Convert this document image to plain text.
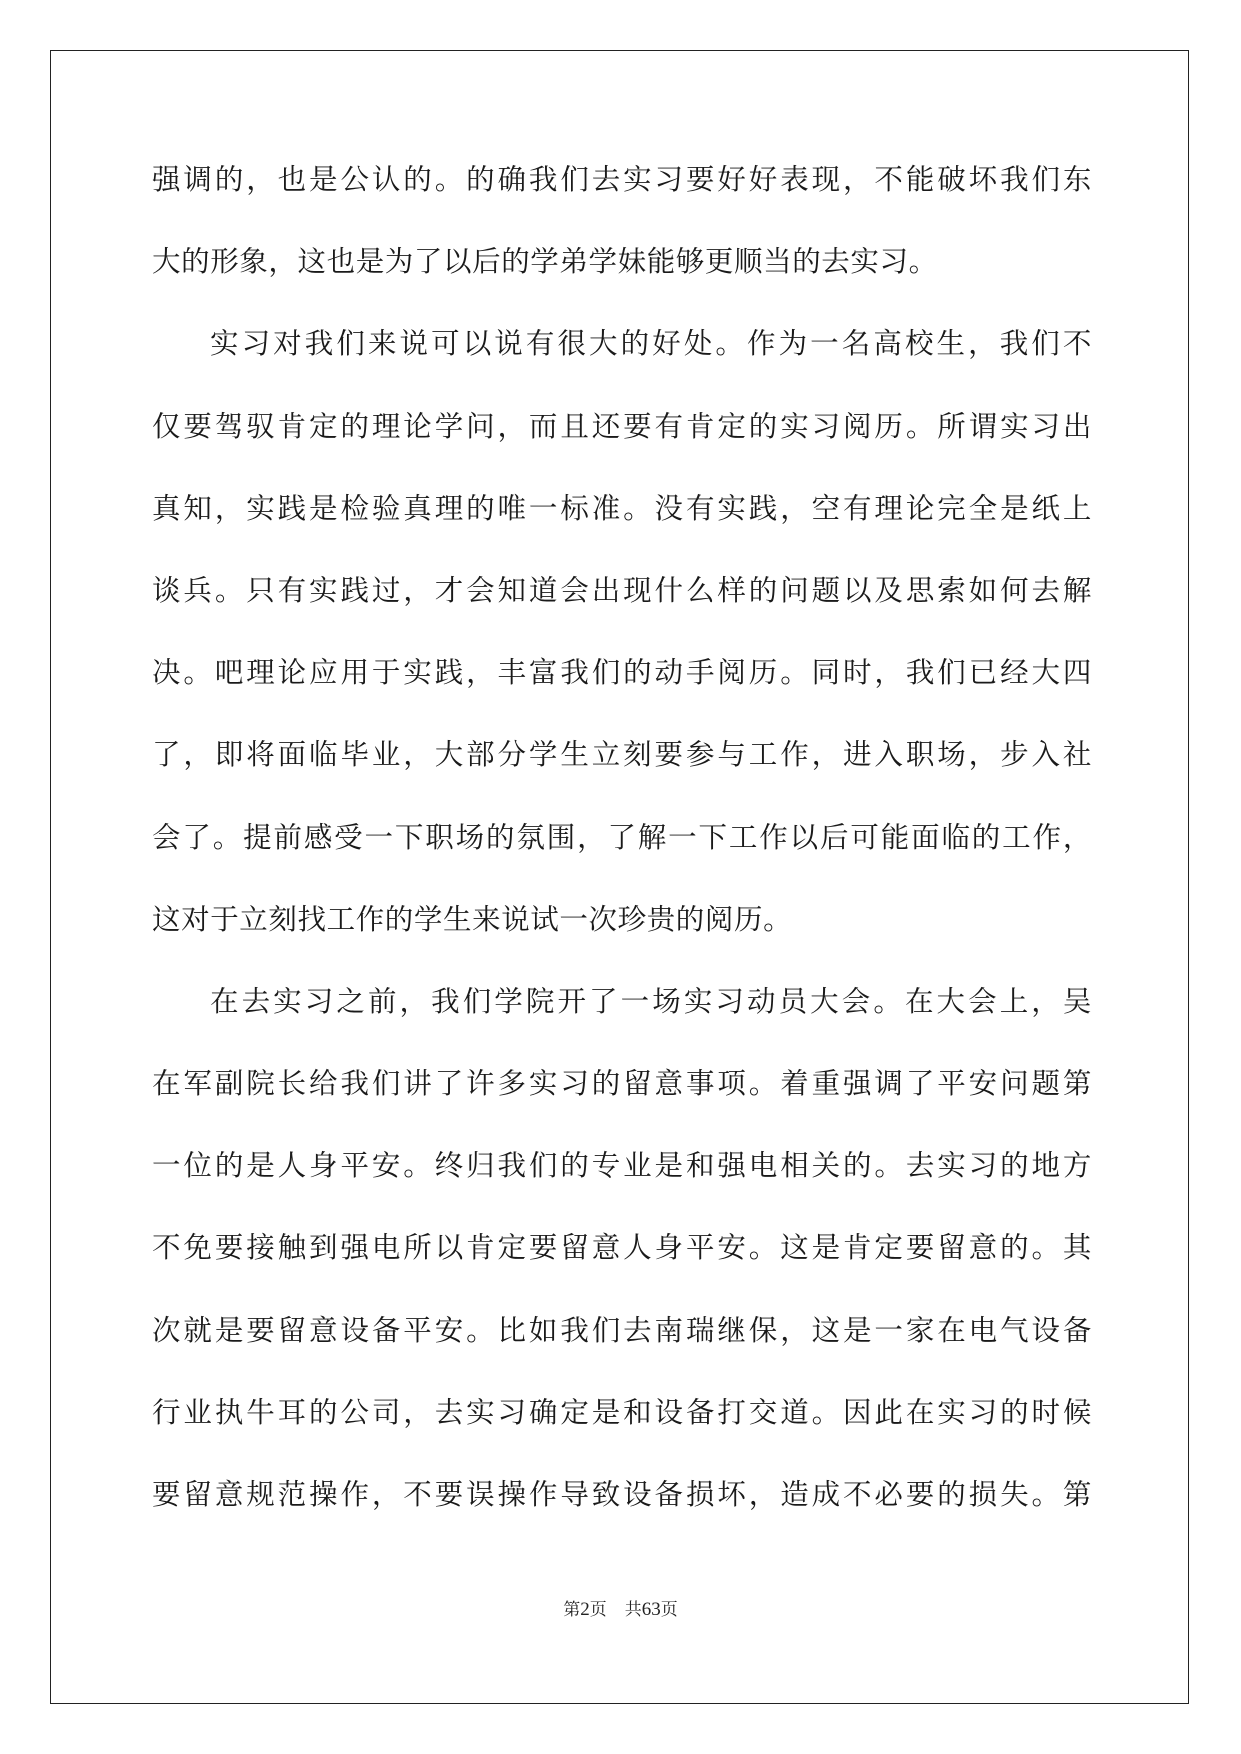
强调的，也是公认的。的确我们去实习要好好表现，不能破坏我们东
大的形象，这也是为了以后的学弟学妹能够更顺当的去实习。
实习对我们来说可以说有很大的好处。作为一名高校生，我们不
仅要驾驭肯定的理论学问，而且还要有肯定的实习阅历。所谓实习出
真知，实践是检验真理的唯一标准。没有实践，空有理论完全是纸上
谈兵。只有实践过，才会知道会出现什么样的问题以及思索如何去解
决。吧理论应用于实践，丰富我们的动手阅历。同时，我们已经大四
了，即将面临毕业，大部分学生立刻要参与工作，进入职场，步入社
会了。提前感受一下职场的氛围，了解一下工作以后可能面临的工作，
这对于立刻找工作的学生来说试一次珍贵的阅历。
在去实习之前，我们学院开了一场实习动员大会。在大会上，吴
在军副院长给我们讲了许多实习的留意事项。着重强调了平安问题第
一位的是人身平安。终归我们的专业是和强电相关的。去实习的地方
不免要接触到强电所以肯定要留意人身平安。这是肯定要留意的。其
次就是要留意设备平安。比如我们去南瑞继保，这是一家在电气设备
行业执牛耳的公司，去实习确定是和设备打交道。因此在实习的时候
要留意规范操作，不要误操作导致设备损坏，造成不必要的损失。第
第2页 共63页
